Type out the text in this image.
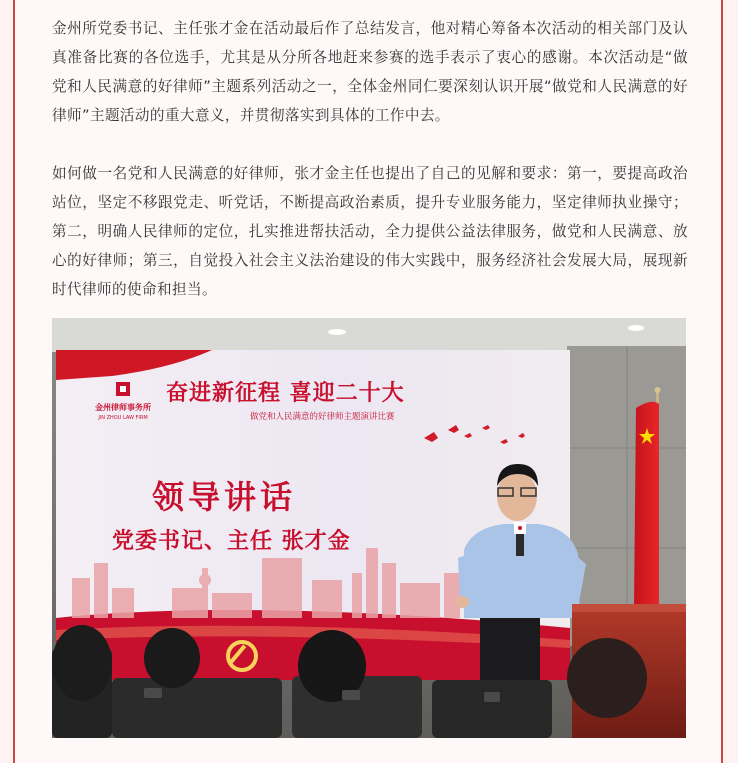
金州所党委书记、主任张才金在活动最后作了总结发言，他对精心筹备本次活动的相关部门及认真准备比赛的各位选手，尤其是从分所各地赶来参赛的选手表示了衷心的感谢。本次活动是“做党和人民满意的好律师”主题系列活动之一，全体金州同仁要深刻认识开展“做党和人民满意的好律师”主题活动的重大意义，并贯彻落实到具体的工作中去。

如何做一名党和人民满意的好律师，张才金主任也提出了自己的见解和要求：第一，要提高政治站位，坚定不移跟党走、听党话，不断提高政治素质，提升专业服务能力，坚定律师执业操守；第二，明确人民律师的定位，扎实推进帮扶活动，全力提供公益法律服务，做党和人民满意、放心的好律师；第三，自觉投入社会主义法治建设的伟大实践中，服务经济社会发展大局，展现新时代律师的使命和担当。

金州律师事务所
JIN ZHOU LAW FIRM
奋进新征程 喜迎二十大
做党和人民满意的好律师主题演讲比赛
领导讲话
党委书记、主任 张才金
